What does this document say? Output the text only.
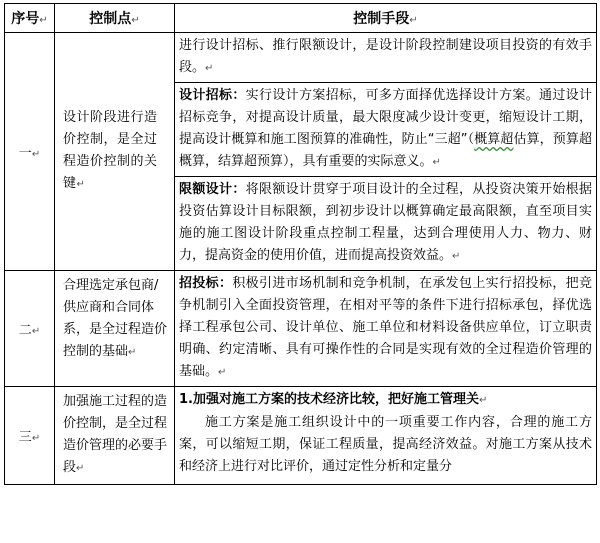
序号↵	控制点↵	控制手段↵
一↵	设计阶段进行造价控制，是全过程造价控制的关键↵	进行设计招标、推行限额设计，是设计阶段控制建设项目投资的有效手段。↵
		设计招标：实行设计方案招标，可多方面择优选择设计方案。通过设计招标竞争，对提高设计质量，最大限度减少设计变更，缩短设计工期，提高设计概算和施工图预算的准确性，防止“三超”（概算超估算，预算超概算，结算超预算），具有重要的实际意义。↵
		限额设计：将限额设计贯穿于项目设计的全过程，从投资决策开始根据投资估算设计目标限额，到初步设计以概算确定最高限额，直至项目实施的施工图设计阶段重点控制工程量，达到合理使用人力、物力、财力，提高资金的使用价值，进而提高投资效益。↵
二↵	合理选定承包商/供应商和合同体系，是全过程造价控制的基础↵	招投标：积极引进市场机制和竞争机制，在承发包上实行招投标，把竞争机制引入全面投资管理，在相对平等的条件下进行招标承包，择优选择工程承包公司、设计单位、施工单位和材料设备供应单位，订立职责明确、约定清晰、具有可操作性的合同是实现有效的全过程造价管理的基础。↵
三↵	加强施工过程的造价控制，是全过程造价管理的必要手段↵	1.加强对施工方案的技术经济比较，把好施工管理关↵
施工方案是施工组织设计中的一项重要工作内容，合理的施工方案，可以缩短工期，保证工程质量，提高经济效益。对施工方案从技术和经济上进行对比评价，通过定性分析和定量分
